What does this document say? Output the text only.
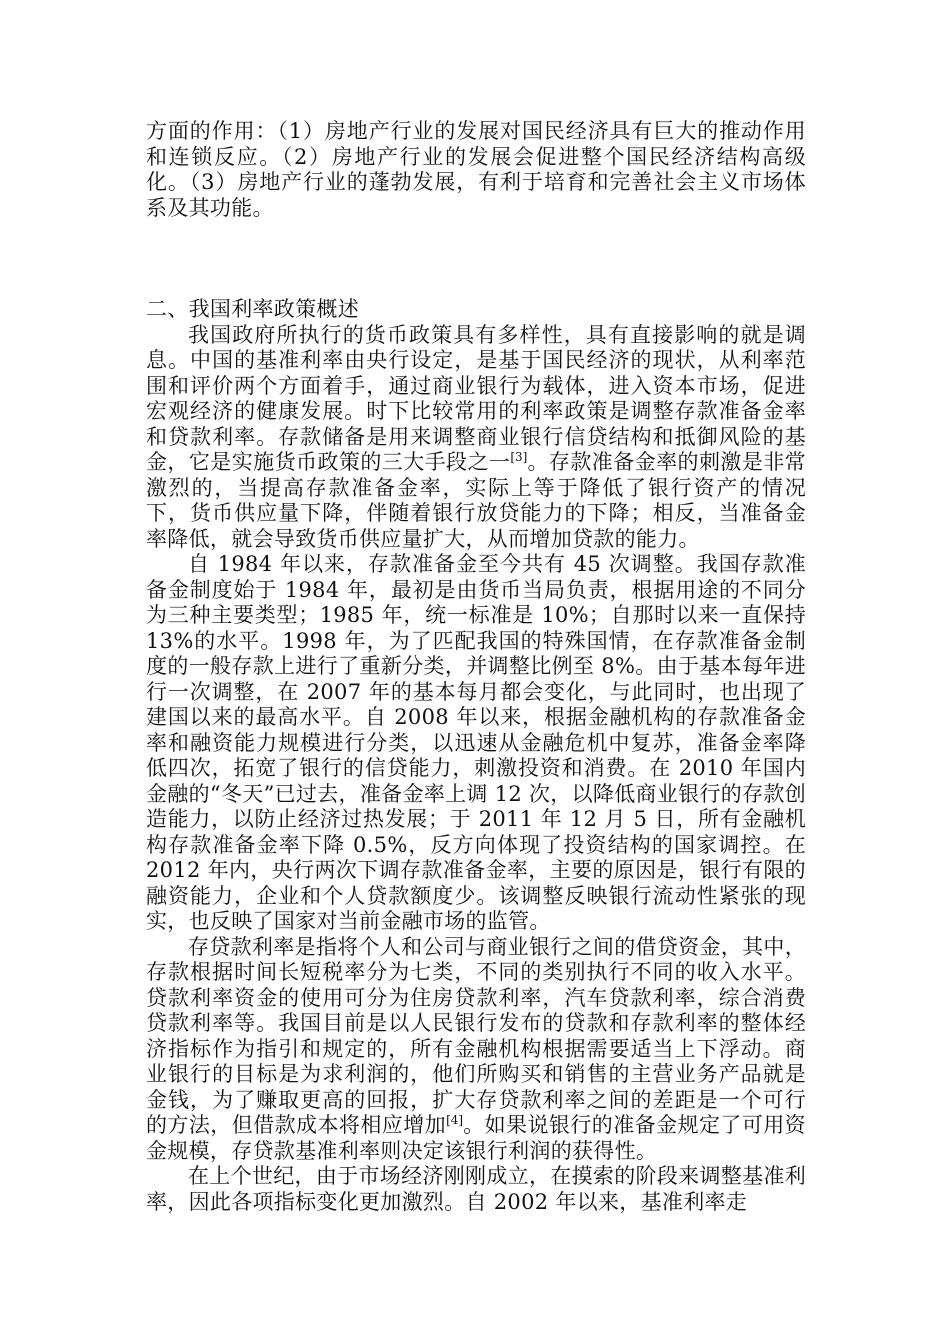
方面的作用：（1）房地产行业的发展对国民经济具有巨大的推动作用和连锁反应。（2）房地产行业的发展会促进整个国民经济结构高级化。（3）房地产行业的蓬勃发展，有利于培育和完善社会主义市场体系及其功能。

二、我国利率政策概述

我国政府所执行的货币政策具有多样性，具有直接影响的就是调息。中国的基准利率由央行设定，是基于国民经济的现状，从利率范围和评价两个方面着手，通过商业银行为载体，进入资本市场，促进宏观经济的健康发展。时下比较常用的利率政策是调整存款准备金率和贷款利率。存款储备是用来调整商业银行信贷结构和抵御风险的基金，它是实施货币政策的三大手段之一[3]。存款准备金率的刺激是非常激烈的，当提高存款准备金率，实际上等于降低了银行资产的情况下，货币供应量下降，伴随着银行放贷能力的下降；相反，当准备金率降低，就会导致货币供应量扩大，从而增加贷款的能力。

自 1984 年以来，存款准备金至今共有 45 次调整。我国存款准备金制度始于 1984 年，最初是由货币当局负责，根据用途的不同分为三种主要类型；1985 年，统一标准是 10%；自那时以来一直保持13%的水平。1998 年，为了匹配我国的特殊国情，在存款准备金制度的一般存款上进行了重新分类，并调整比例至 8%。由于基本每年进行一次调整，在 2007 年的基本每月都会变化，与此同时，也出现了建国以来的最高水平。自 2008 年以来，根据金融机构的存款准备金率和融资能力规模进行分类，以迅速从金融危机中复苏，准备金率降低四次，拓宽了银行的信贷能力，刺激投资和消费。在 2010 年国内金融的“冬天”已过去，准备金率上调 12 次，以降低商业银行的存款创造能力，以防止经济过热发展；于 2011 年 12 月 5 日，所有金融机构存款准备金率下降 0.5%，反方向体现了投资结构的国家调控。在 2012 年内，央行两次下调存款准备金率，主要的原因是，银行有限的融资能力，企业和个人贷款额度少。该调整反映银行流动性紧张的现实，也反映了国家对当前金融市场的监管。

存贷款利率是指将个人和公司与商业银行之间的借贷资金，其中，存款根据时间长短税率分为七类，不同的类别执行不同的收入水平。贷款利率资金的使用可分为住房贷款利率，汽车贷款利率，综合消费贷款利率等。我国目前是以人民银行发布的贷款和存款利率的整体经济指标作为指引和规定的，所有金融机构根据需要适当上下浮动。商业银行的目标是为求利润的，他们所购买和销售的主营业务产品就是金钱，为了赚取更高的回报，扩大存贷款利率之间的差距是一个可行的方法，但借款成本将相应增加[4]。如果说银行的准备金规定了可用资金规模，存贷款基准利率则决定该银行利润的获得性。

在上个世纪，由于市场经济刚刚成立，在摸索的阶段来调整基准利率，因此各项指标变化更加激烈。自 2002 年以来，基准利率走
